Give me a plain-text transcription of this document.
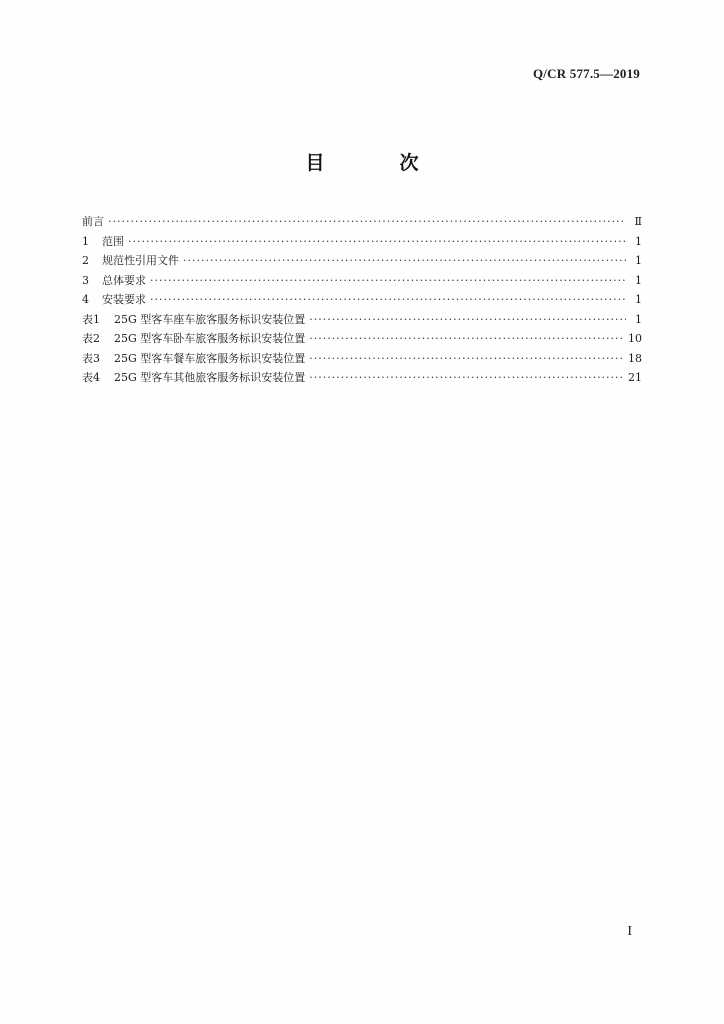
Q/CR 577.5—2019
目　次
前言 ·····	Ⅱ
1	范围 ·····	1
2	规范性引用文件 ·····	1
3	总体要求 ·····	1
4	安装要求 ·····	1
表1	25G 型客车座车旅客服务标识安装位置 ·····	1
表2	25G 型客车卧车旅客服务标识安装位置 ·····	10
表3	25G 型客车餐车旅客服务标识安装位置 ·····	18
表4	25G 型客车其他旅客服务标识安装位置 ·····	21
I
